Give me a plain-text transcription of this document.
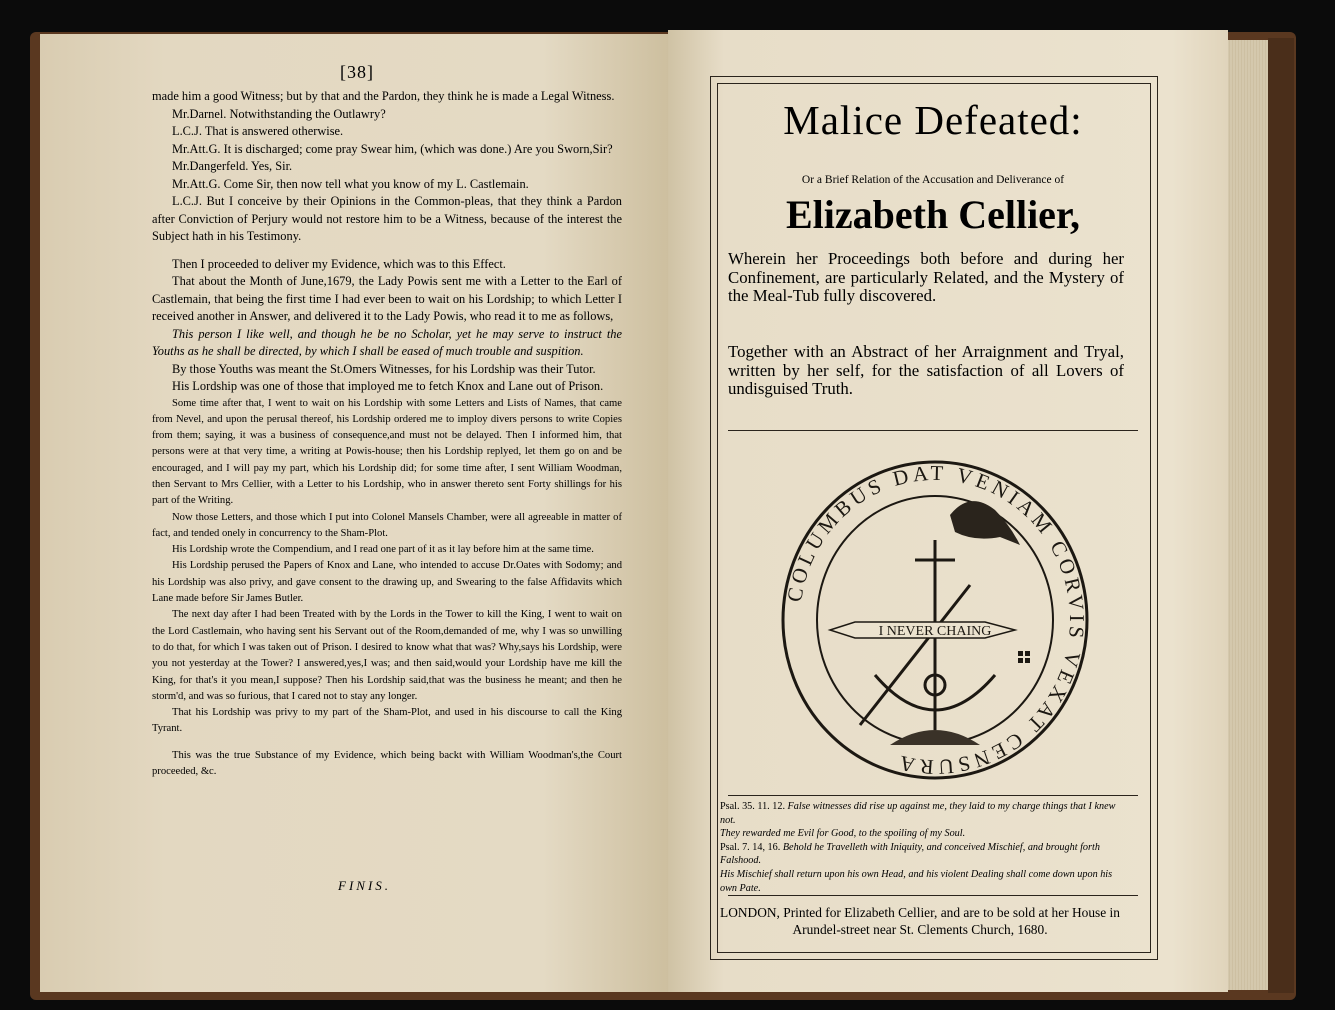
[38]

made him a good Witness; but by that and the Pardon, they think he is made a Legal Witness.

Mr.Darnel. Notwithstanding the Outlawry?

L.C.J. That is answered otherwise.

Mr.Att.G. It is discharged; come pray Swear him, (which was done.) Are you Sworn,Sir?

Mr.Dangerfeld. Yes, Sir.

Mr.Att.G. Come Sir, then now tell what you know of my L. Castlemain.

L.C.J. But I conceive by their Opinions in the Common-pleas, that they think a Pardon after Conviction of Perjury would not restore him to be a Witness, because of the interest the Subject hath in his Testimony.

Then I proceeded to deliver my Evidence, which was to this Effect.

That about the Month of June,1679, the Lady Powis sent me with a Letter to the Earl of Castlemain, that being the first time I had ever been to wait on his Lordship; to which Letter I received another in Answer, and delivered it to the Lady Powis, who read it to me as follows,

This person I like well, and though he be no Scholar, yet he may serve to instruct the Youths as he shall be directed, by which I shall be eased of much trouble and suspition.

By those Youths was meant the St.Omers Witnesses, for his Lordship was their Tutor.

His Lordship was one of those that imployed me to fetch Knox and Lane out of Prison.

Some time after that, I went to wait on his Lordship with some Letters and Lists of Names, that came from Nevel, and upon the perusal thereof, his Lordship ordered me to imploy divers persons to write Copies from them; saying, it was a business of consequence,and must not be delayed. Then I informed him, that persons were at that very time, a writing at Powis-house; then his Lordship replyed, let them go on and be encouraged, and I will pay my part, which his Lordship did; for some time after, I sent William Woodman, then Servant to Mrs Cellier, with a Letter to his Lordship, who in answer thereto sent Forty shillings for his part of the Writing.

Now those Letters, and those which I put into Colonel Mansels Chamber, were all agreeable in matter of fact, and tended onely in concurrency to the Sham-Plot.

His Lordship wrote the Compendium, and I read one part of it as it lay before him at the same time.

His Lordship perused the Papers of Knox and Lane, who intended to accuse Dr.Oates with Sodomy; and his Lordship was also privy, and gave consent to the drawing up, and Swearing to the false Affidavits which Lane made before Sir James Butler.

The next day after I had been Treated with by the Lords in the Tower to kill the King, I went to wait on the Lord Castlemain, who having sent his Servant out of the Room,demanded of me, why I was so unwilling to do that, for which I was taken out of Prison. I desired to know what that was? Why,says his Lordship, were you not yesterday at the Tower? I answered,yes,I was; and then said,would your Lordship have me kill the King, for that's it you mean,I suppose? Then his Lordship said,that was the business he meant; and then he storm'd, and was so furious, that I cared not to stay any longer.

That his Lordship was privy to my part of the Sham-Plot, and used in his discourse to call the King Tyrant.

This was the true Substance of my Evidence, which being backt with William Woodman's,the Court proceeded, &c.

FINIS.
Malice Defeated:
Or a Brief Relation of the Accusation and Deliverance of
Elizabeth Cellier,
Wherein her Proceedings both before and during her Confinement, are particularly Related, and the Mystery of the Meal-Tub fully discovered.
Together with an Abstract of her Arraignment and Tryal, written by her self, for the satisfaction of all Lovers of undisguised Truth.
COLUMBUS DAT VENIAM CORVIS VEXAT CENSURA
I NEVER CHAING

Psal. 35. 11. 12. False witnesses did rise up against me, they laid to my charge things that I knew not.

They rewarded me Evil for Good, to the spoiling of my Soul.

Psal. 7. 14, 16. Behold he Travelleth with Iniquity, and conceived Mischief, and brought forth Falshood.

His Mischief shall return upon his own Head, and his violent Dealing shall come down upon his own Pate.

LONDON, Printed for Elizabeth Cellier, and are to be sold at her House in Arundel-street near St. Clements Church, 1680.
